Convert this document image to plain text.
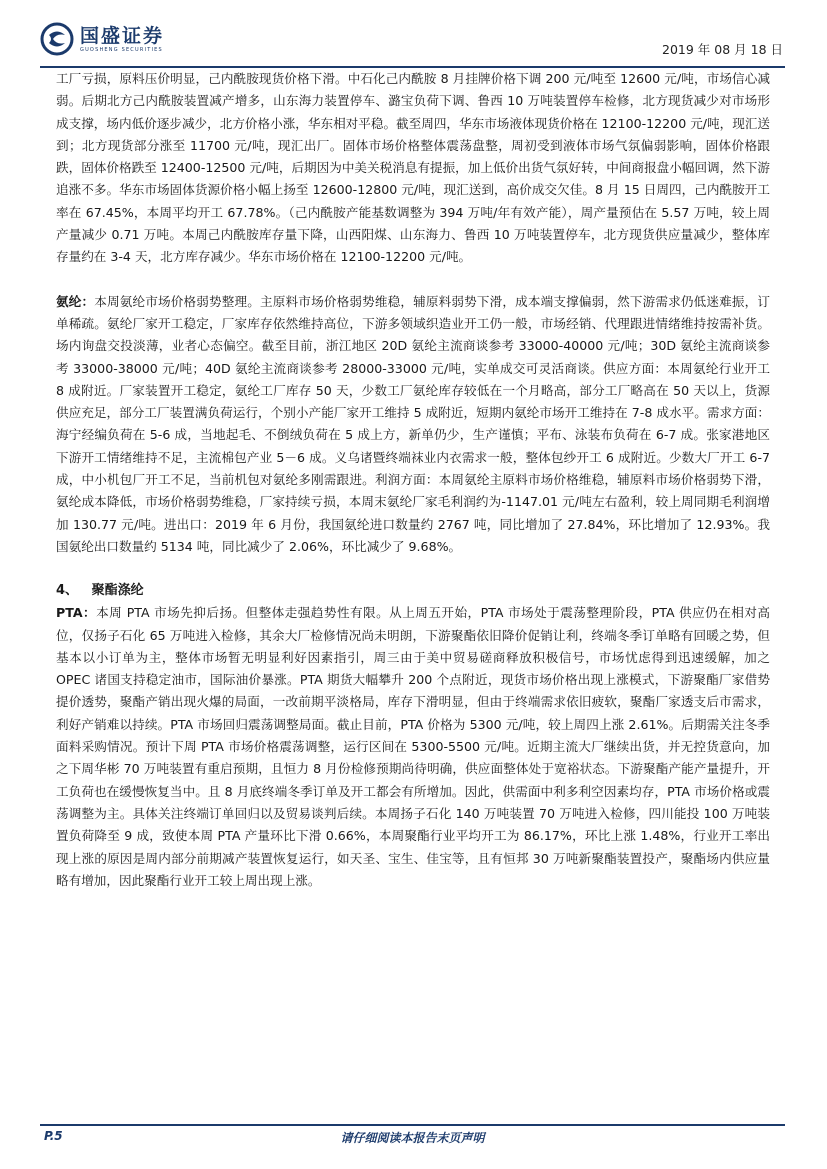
国盛证券
GUOSHENG SECURITIES	2019 年 08 月 18 日

工厂亏损，原料压价明显，己内酰胺现货价格下滑。中石化己内酰胺 8 月挂牌价格下调 200 元/吨至 12600 元/吨，市场信心减弱。后期北方己内酰胺装置减产增多，山东海力装置停车、潞宝负荷下调、鲁西 10 万吨装置停车检修，北方现货减少对市场形成支撑，场内低价逐步减少，北方价格小涨，华东相对平稳。截至周四，华东市场液体现货价格在 12100-12200 元/吨，现汇送到；北方现货部分涨至 11700 元/吨，现汇出厂。固体市场价格整体震荡盘整，周初受到液体市场气氛偏弱影响，固体价格跟跌，固体价格跌至 12400-12500 元/吨，后期因为中美关税消息有提振，加上低价出货气氛好转，中间商报盘小幅回调，然下游追涨不多。华东市场固体货源价格小幅上扬至 12600-12800 元/吨，现汇送到，高价成交欠佳。8 月 15 日周四，己内酰胺开工率在 67.45%，本周平均开工 67.78%。（己内酰胺产能基数调整为 394 万吨/年有效产能），周产量预估在 5.57 万吨，较上周产量减少 0.71 万吨。本周己内酰胺库存量下降，山西阳煤、山东海力、鲁西 10 万吨装置停车，北方现货供应量减少，整体库存量约在 3-4 天，北方库存减少。华东市场价格在 12100-12200 元/吨。

氨纶：本周氨纶市场价格弱势整理。主原料市场价格弱势维稳，辅原料弱势下滑，成本端支撑偏弱，然下游需求仍低迷难振，订单稀疏。氨纶厂家开工稳定，厂家库存依然维持高位，下游多领域织造业开工仍一般，市场经销、代理跟进情绪维持按需补货。场内询盘交投淡薄，业者心态偏空。截至目前，浙江地区 20D 氨纶主流商谈参考 33000-40000 元/吨；30D 氨纶主流商谈参考 33000-38000 元/吨；40D 氨纶主流商谈参考 28000-33000 元/吨，实单成交可灵活商谈。供应方面：本周氨纶行业开工 8 成附近。厂家装置开工稳定，氨纶工厂库存 50 天，少数工厂氨纶库存较低在一个月略高，部分工厂略高在 50 天以上，货源供应充足，部分工厂装置满负荷运行，个别小产能厂家开工维持 5 成附近，短期内氨纶市场开工维持在 7-8 成水平。需求方面：海宁经编负荷在 5-6 成，当地起毛、不倒绒负荷在 5 成上方，新单仍少，生产谨慎；平布、泳装布负荷在 6-7 成。张家港地区下游开工情绪维持不足，主流棉包产业 5－6 成。义乌诸暨终端袜业内衣需求一般，整体包纱开工 6 成附近。少数大厂开工 6-7 成，中小机包厂开工不足，当前机包对氨纶多刚需跟进。利润方面：本周氨纶主原料市场价格维稳，辅原料市场价格弱势下滑，氨纶成本降低，市场价格弱势维稳，厂家持续亏损，本周末氨纶厂家毛利润约为-1147.01 元/吨左右盈利，较上周同期毛利润增加 130.77 元/吨。进出口：2019 年 6 月份，我国氨纶进口数量约 2767 吨，同比增加了 27.84%，环比增加了 12.93%。我国氨纶出口数量约 5134 吨，同比减少了 2.06%，环比减少了 9.68%。

4、 聚酯涤纶

PTA：本周 PTA 市场先抑后扬。但整体走强趋势性有限。从上周五开始，PTA 市场处于震荡整理阶段，PTA 供应仍在相对高位，仅扬子石化 65 万吨进入检修，其余大厂检修情况尚未明朗，下游聚酯依旧降价促销让利，终端冬季订单略有回暖之势，但基本以小订单为主，整体市场暂无明显利好因素指引，周三由于美中贸易磋商释放积极信号，市场忧虑得到迅速缓解，加之 OPEC 诸国支持稳定油市，国际油价暴涨。PTA 期货大幅攀升 200 个点附近，现货市场价格出现上涨模式，下游聚酯厂家借势提价透势，聚酯产销出现火爆的局面，一改前期平淡格局，库存下滑明显，但由于终端需求依旧疲软，聚酯厂家透支后市需求，利好产销难以持续。PTA 市场回归震荡调整局面。截止目前，PTA 价格为 5300 元/吨，较上周四上涨 2.61%。后期需关注冬季面料采购情况。预计下周 PTA 市场价格震荡调整，运行区间在 5300-5500 元/吨。近期主流大厂继续出货，并无控货意向，加之下周华彬 70 万吨装置有重启预期，且恒力 8 月份检修预期尚待明确，供应面整体处于宽裕状态。下游聚酯产能产量提升，开工负荷也在缓慢恢复当中。且 8 月底终端冬季订单及开工都会有所增加。因此，供需面中利多利空因素均存，PTA 市场价格或震荡调整为主。具体关注终端订单回归以及贸易谈判后续。本周扬子石化 140 万吨装置 70 万吨进入检修，四川能投 100 万吨装置负荷降至 9 成，致使本周 PTA 产量环比下滑 0.66%，本周聚酯行业平均开工为 86.17%，环比上涨 1.48%，行业开工率出现上涨的原因是周内部分前期减产装置恢复运行，如天圣、宝生、佳宝等，且有恒邦 30 万吨新聚酯装置投产，聚酯场内供应量略有增加，因此聚酯行业开工较上周出现上涨。

P.5	请仔细阅读本报告末页声明
